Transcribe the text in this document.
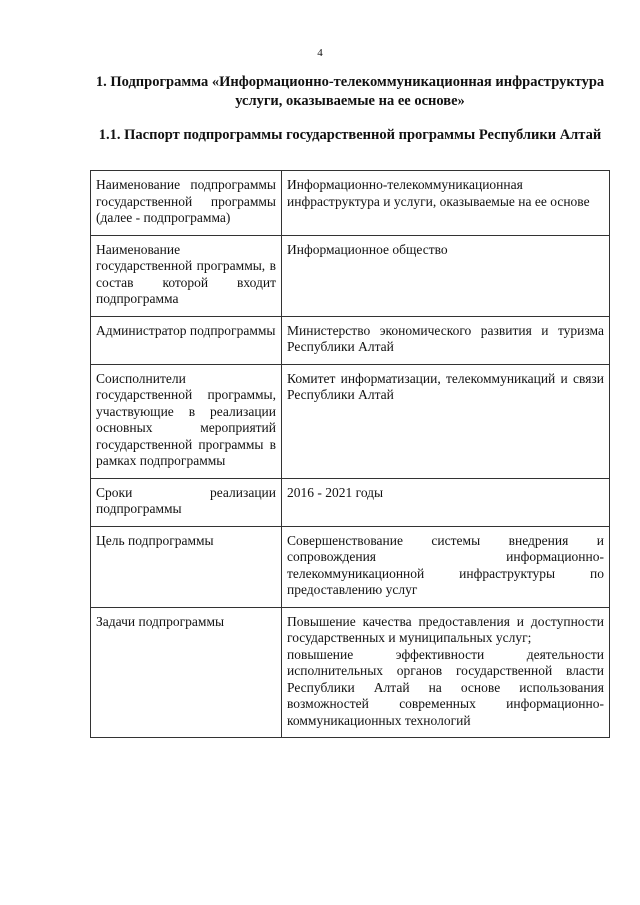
4
1. Подпрограмма «Информационно-телекоммуникационная инфраструктура услуги, оказываемые на ее основе»
1.1. Паспорт подпрограммы государственной программы Республики Алтай
Наименование подпрограммы государственной программы (далее - подпрограмма)	Информационно-телекоммуникационная инфраструктура и услуги, оказываемые на ее основе

Наименование государственной программы, в состав которой входит подпрограмма	Информационное общество

Администратор подпрограммы	Министерство экономического развития и туризма Республики Алтай

Соисполнители государственной программы, участвующие в реализации основных мероприятий государственной программы в рамках подпрограммы	Комитет информатизации, телекоммуникаций и связи Республики Алтай

Сроки реализации подпрограммы	2016 - 2021 годы

Цель подпрограммы	Совершенствование системы внедрения и сопровождения информационно-телекоммуникационной инфраструктуры по предоставлению услуг

Задачи подпрограммы	Повышение качества предоставления и доступности государственных и муниципальных услуг;
повышение эффективности деятельности исполнительных органов государственной власти Республики Алтай на основе использования возможностей современных информационно-коммуникационных технологий
